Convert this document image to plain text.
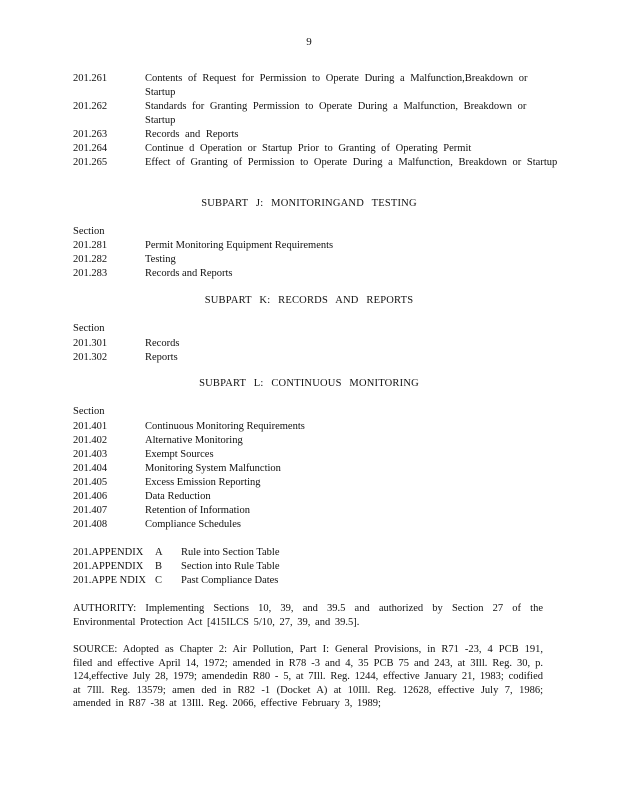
9
201.261	Contents of Request for Permission to Operate During a Malfunction,Breakdown or Startup
201.262	Standards for Granting Permission to Operate During a Malfunction, Breakdown or Startup
201.263	Records and Reports
201.264	Continue d Operation or Startup Prior to Granting of Operating Permit
201.265	Effect of Granting of Permission to Operate During a Malfunction, Breakdown or Startup
SUBPART J: MONITORINGAND TESTING
Section
201.281	Permit Monitoring Equipment Requirements
201.282	Testing
201.283	Records and Reports
SUBPART K: RECORDS AND REPORTS
Section
201.301	Records
201.302	Reports
SUBPART L: CONTINUOUS MONITORING
Section
201.401	Continuous Monitoring Requirements
201.402	Alternative Monitoring
201.403	Exempt Sources
201.404	Monitoring System Malfunction
201.405	Excess Emission Reporting
201.406	Data Reduction
201.407	Retention of Information
201.408	Compliance Schedules
201.APPENDIX A Rule into Section Table
201.APPENDIX B Section into Rule Table
201.APPE NDIX C Past Compliance Dates
AUTHORITY: Implementing Sections 10, 39, and 39.5 and authorized by Section 27 of the Environmental Protection Act [415ILCS 5/10, 27, 39, and 39.5].
SOURCE: Adopted as Chapter 2: Air Pollution, Part I: General Provisions, in R71 -23, 4 PCB 191, filed and effective April 14, 1972; amended in R78 -3 and 4, 35 PCB 75 and 243, at 3Ill. Reg. 30, p. 124,effective July 28, 1979; amendedin R80 - 5, at 7Ill. Reg. 1244, effective January 21, 1983; codified at 7Ill. Reg. 13579; amen ded in R82 -1 (Docket A) at 10Ill. Reg. 12628, effective July 7, 1986; amended in R87 -38 at 13Ill. Reg. 2066, effective February 3, 1989;
